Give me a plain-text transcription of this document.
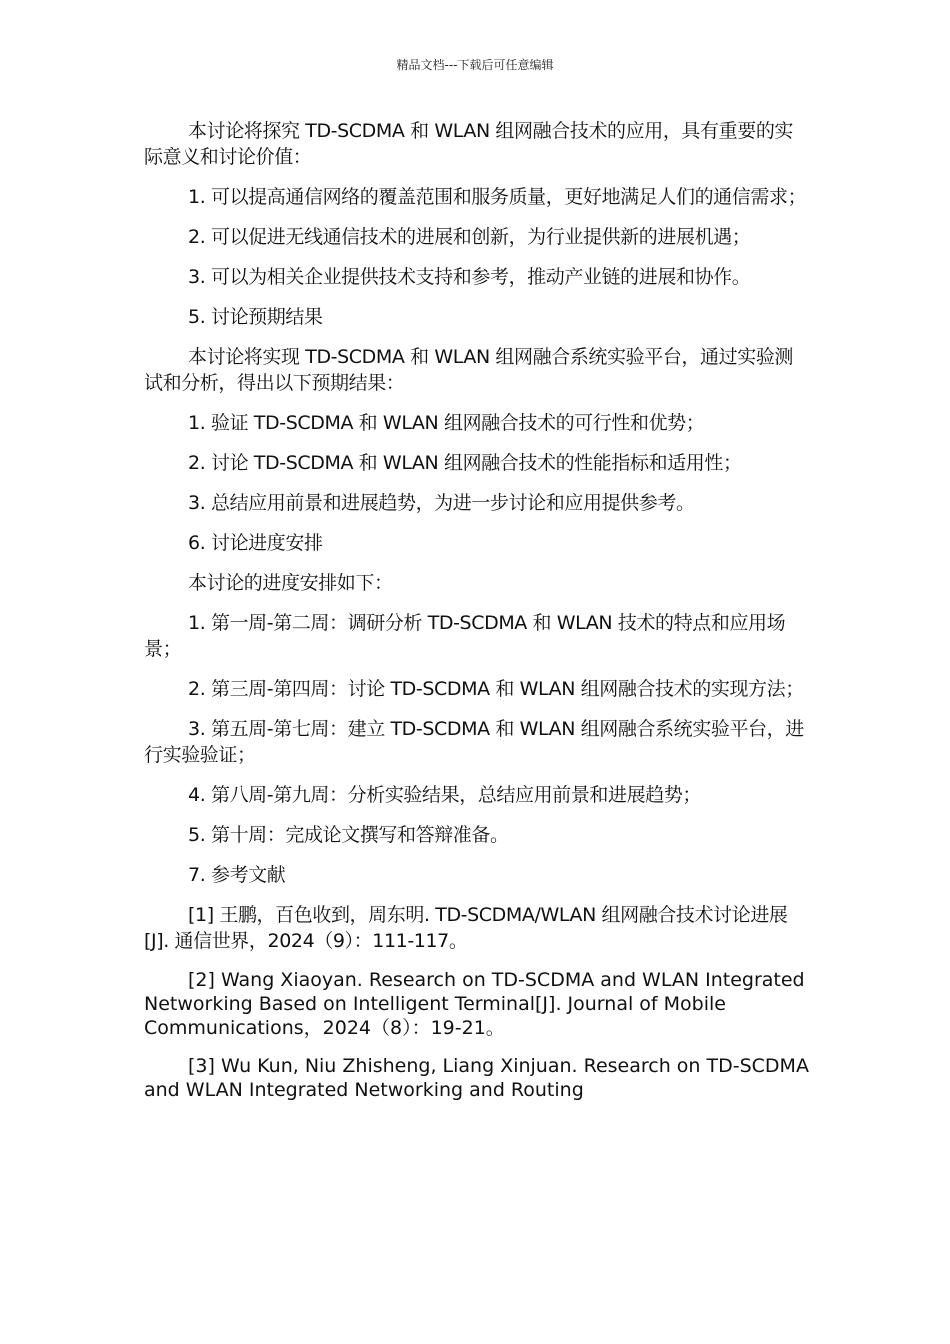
精品文档---下载后可任意编辑

本讨论将探究 TD-SCDMA 和 WLAN 组网融合技术的应用，具有重要的实际意义和讨论价值：

1. 可以提高通信网络的覆盖范围和服务质量，更好地满足人们的通信需求；

2. 可以促进无线通信技术的进展和创新，为行业提供新的进展机遇；

3. 可以为相关企业提供技术支持和参考，推动产业链的进展和协作。

5. 讨论预期结果

本讨论将实现 TD-SCDMA 和 WLAN 组网融合系统实验平台，通过实验测试和分析，得出以下预期结果：

1. 验证 TD-SCDMA 和 WLAN 组网融合技术的可行性和优势；

2. 讨论 TD-SCDMA 和 WLAN 组网融合技术的性能指标和适用性；

3. 总结应用前景和进展趋势，为进一步讨论和应用提供参考。

6. 讨论进度安排

本讨论的进度安排如下：

1. 第一周-第二周：调研分析 TD-SCDMA 和 WLAN 技术的特点和应用场景；

2. 第三周-第四周：讨论 TD-SCDMA 和 WLAN 组网融合技术的实现方法；

3. 第五周-第七周：建立 TD-SCDMA 和 WLAN 组网融合系统实验平台，进行实验验证；

4. 第八周-第九周：分析实验结果，总结应用前景和进展趋势；

5. 第十周：完成论文撰写和答辩准备。

7. 参考文献

[1] 王鹏，百色收到，周东明. TD-SCDMA/WLAN 组网融合技术讨论进展[J]. 通信世界，2024（9）：111-117。

[2] Wang Xiaoyan. Research on TD-SCDMA and WLAN Integrated Networking Based on Intelligent Terminal[J]. Journal of Mobile Communications，2024（8）：19-21。

[3] Wu Kun, Niu Zhisheng, Liang Xinjuan. Research on TD-SCDMA and WLAN Integrated Networking and Routing
